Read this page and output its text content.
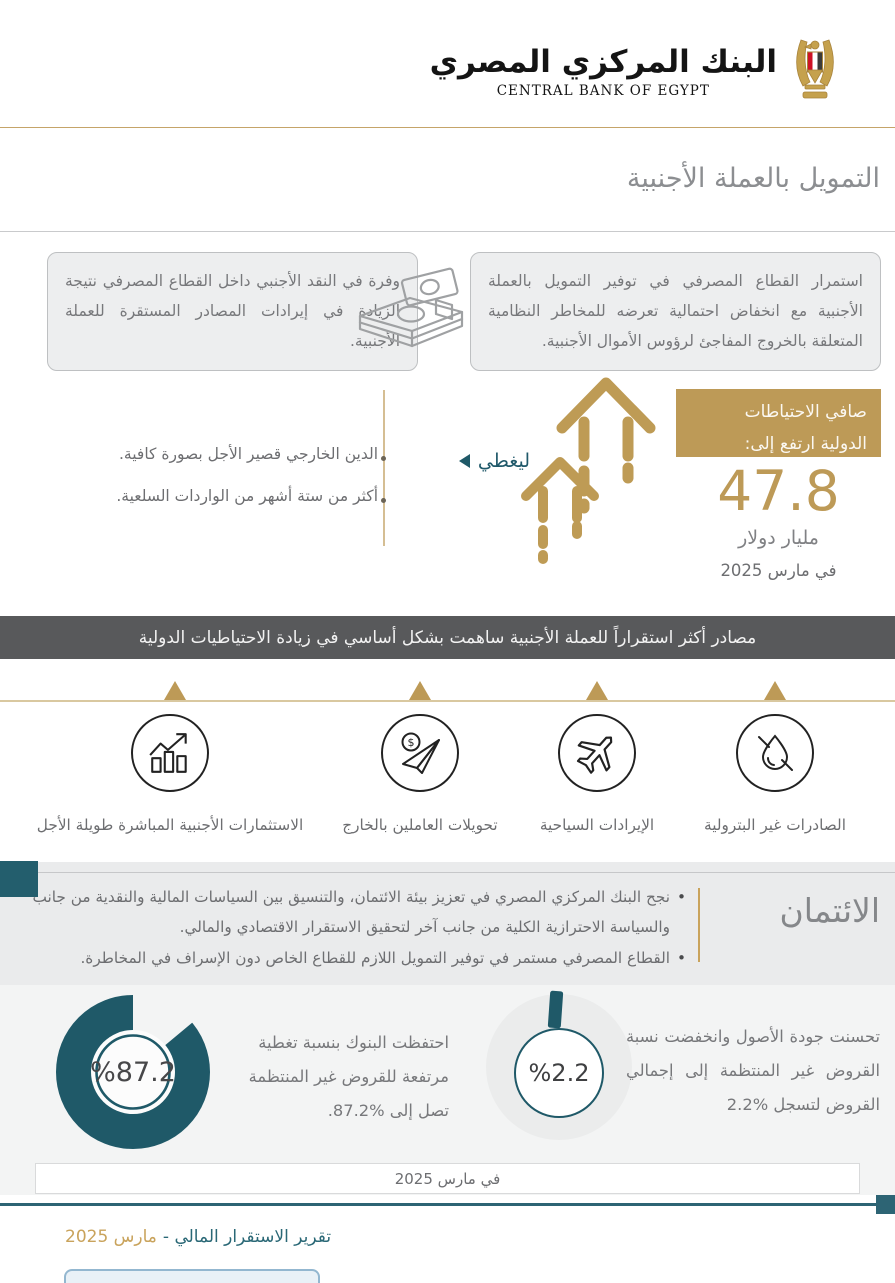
البنك المركزي المصري
CENTRAL BANK OF EGYPT
التمويل بالعملة الأجنبية
استمرار القطاع المصرفي في توفير التمويل بالعملة الأجنبية مع انخفاض احتمالية تعرضه للمخاطر النظامية المتعلقة بالخروج المفاجئ لرؤوس الأموال الأجنبية.
وفرة في النقد الأجنبي داخل القطاع المصرفي نتيجة الزيادة في إيرادات المصادر المستقرة للعملة الأجنبية.
صافي الاحتياطات
الدولية ارتفع إلى:
47.8
مليار دولار
في مارس 2025
ليغطي
الدين الخارجي قصير الأجل بصورة كافية.
أكثر من ستة أشهر من الواردات السلعية.
مصادر أكثر استقراراً للعملة الأجنبية ساهمت بشكل أساسي في زيادة الاحتياطيات الدولية
الصادرات غير البترولية
الإيرادات السياحية
$
تحويلات العاملين بالخارج
الاستثمارات الأجنبية المباشرة طويلة الأجل
الائتمان
• نجح البنك المركزي المصري في تعزيز بيئة الائتمان، والتنسيق بين السياسات المالية والنقدية من جانب والسياسة الاحترازية الكلية من جانب آخر لتحقيق الاستقرار الاقتصادي والمالي.
• القطاع المصرفي مستمر في توفير التمويل اللازم للقطاع الخاص دون الإسراف في المخاطرة.
%2.2
تحسنت جودة الأصول وانخفضت نسبة القروض غير المنتظمة إلى إجمالي القروض لتسجل %2.2
%87.2
احتفظت البنوك بنسبة تغطية مرتفعة للقروض غير المنتظمة تصل إلى %87.2.
في مارس 2025
تقرير الاستقرار المالي -
مارس 2025
